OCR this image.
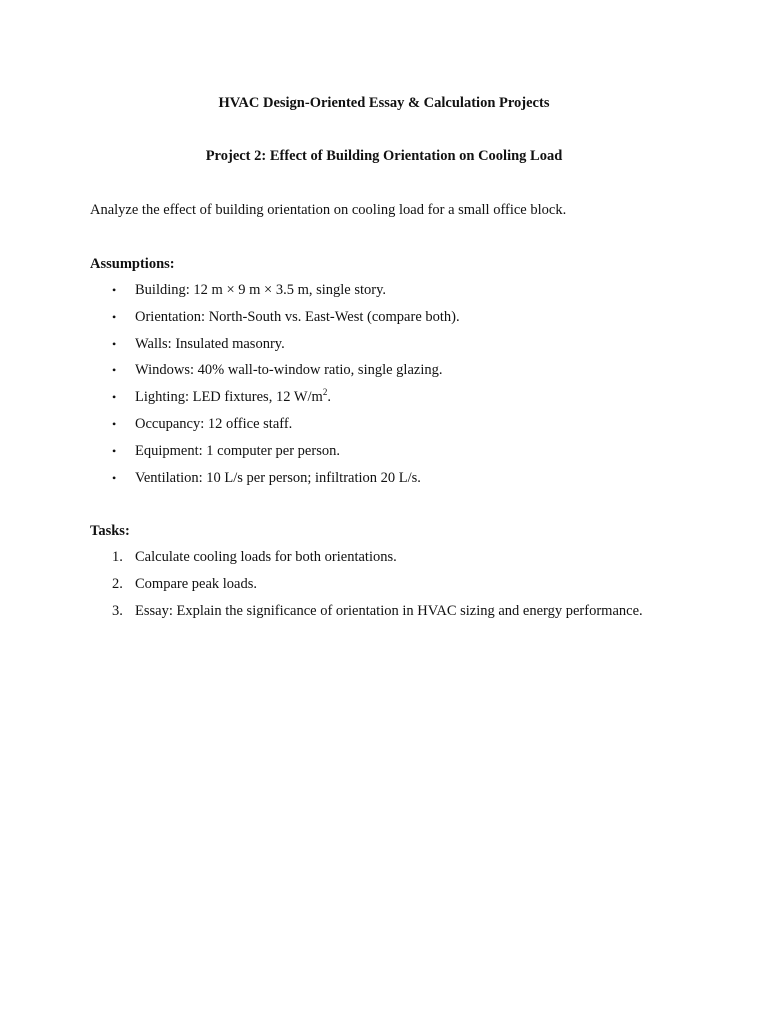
HVAC Design-Oriented Essay & Calculation Projects
Project 2: Effect of Building Orientation on Cooling Load
Analyze the effect of building orientation on cooling load for a small office block.
Assumptions:
• Building: 12 m × 9 m × 3.5 m, single story.
• Orientation: North-South vs. East-West (compare both).
• Walls: Insulated masonry.
• Windows: 40% wall-to-window ratio, single glazing.
• Lighting: LED fixtures, 12 $W/m^2$.
• Occupancy: 12 office staff.
• Equipment: 1 computer per person.
• Ventilation: 10 L/s per person; infiltration 20 L/s.
Tasks:
1. Calculate cooling loads for both orientations.
2. Compare peak loads.
3. Essay: Explain the significance of orientation in HVAC sizing and energy performance.
